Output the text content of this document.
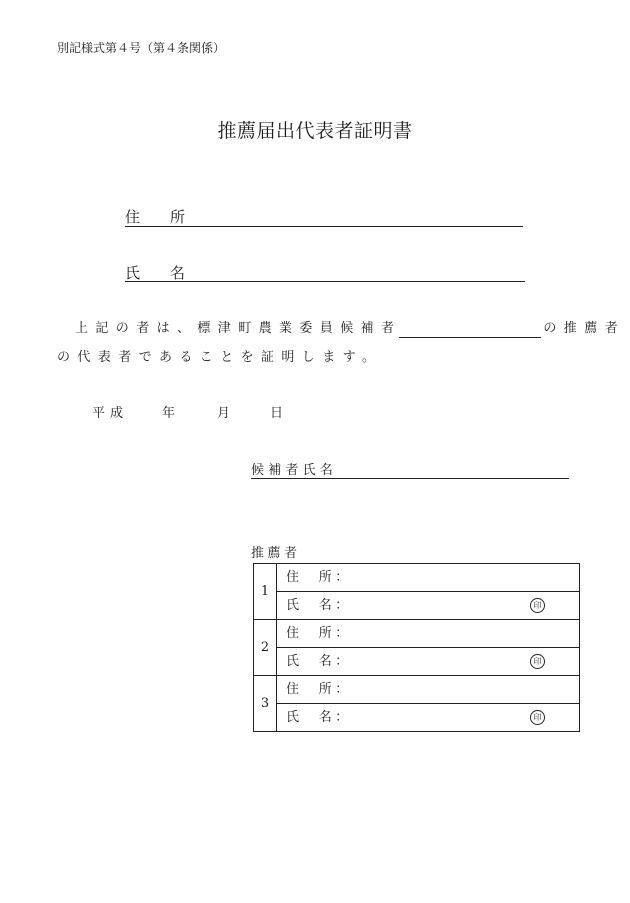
別記様式第４号（第４条関係）
推薦届出代表者証明書
住　　所
氏　　名
上記の者は、標津町農業委員候補者	の推薦者
の代表者であることを証明します。
平成	年	月	日
候補者氏名
推薦者
1	住　所：

	氏　名： 印

2	住　所：

	氏　名： 印

3	住　所：

	氏　名： 印
